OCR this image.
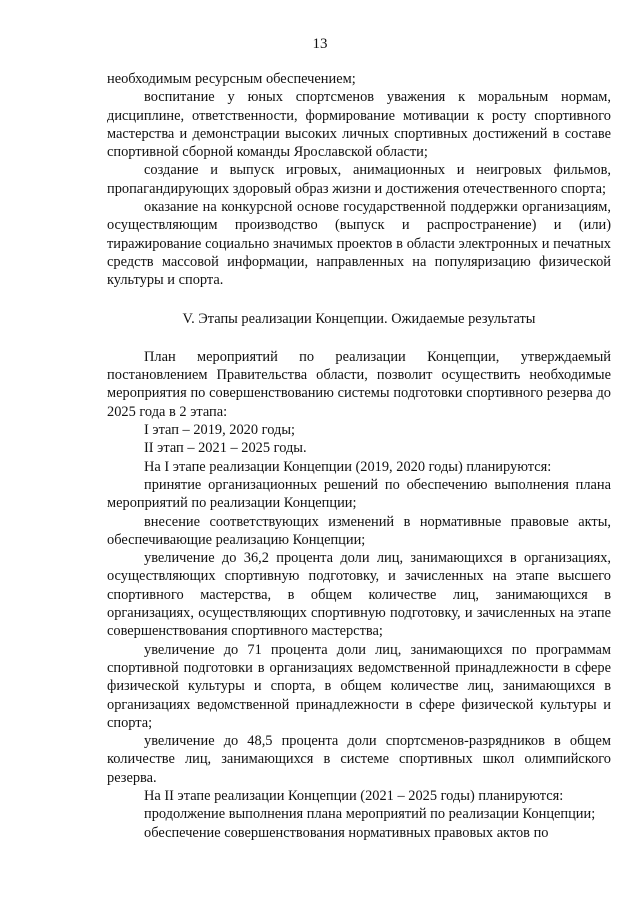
13

необходимым ресурсным обеспечением;

воспитание у юных спортсменов уважения к моральным нормам, дисциплине, ответственности, формирование мотивации к росту спортивного мастерства и демонстрации высоких личных спортивных достижений в составе спортивной сборной команды Ярославской области;

создание и выпуск игровых, анимационных и неигровых фильмов, пропагандирующих здоровый образ жизни и достижения отечественного спорта;

оказание на конкурсной основе государственной поддержки организациям, осуществляющим производство (выпуск и распространение) и (или) тиражирование социально значимых проектов в области электронных и печатных средств массовой информации, направленных на популяризацию физической культуры и спорта.

V. Этапы реализации Концепции. Ожидаемые результаты

План мероприятий по реализации Концепции, утверждаемый постановлением Правительства области, позволит осуществить необходимые мероприятия по совершенствованию системы подготовки спортивного резерва до 2025 года в 2 этапа:

I этап – 2019, 2020 годы;

II этап – 2021 – 2025 годы.

На I этапе реализации Концепции (2019, 2020 годы) планируются:

принятие организационных решений по обеспечению выполнения плана мероприятий по реализации Концепции;

внесение соответствующих изменений в нормативные правовые акты, обеспечивающие реализацию Концепции;

увеличение до 36,2 процента доли лиц, занимающихся в организациях, осуществляющих спортивную подготовку, и зачисленных на этапе высшего спортивного мастерства, в общем количестве лиц, занимающихся в организациях, осуществляющих спортивную подготовку, и зачисленных на этапе совершенствования спортивного мастерства;

увеличение до 71 процента доли лиц, занимающихся по программам спортивной подготовки в организациях ведомственной принадлежности в сфере физической культуры и спорта, в общем количестве лиц, занимающихся в организациях ведомственной принадлежности в сфере физической культуры и спорта;

увеличение до 48,5 процента доли спортсменов-разрядников в общем количестве лиц, занимающихся в системе спортивных школ олимпийского резерва.

На II этапе реализации Концепции (2021 – 2025 годы) планируются:

продолжение выполнения плана мероприятий по реализации Концепции;

обеспечение совершенствования нормативных правовых актов по
